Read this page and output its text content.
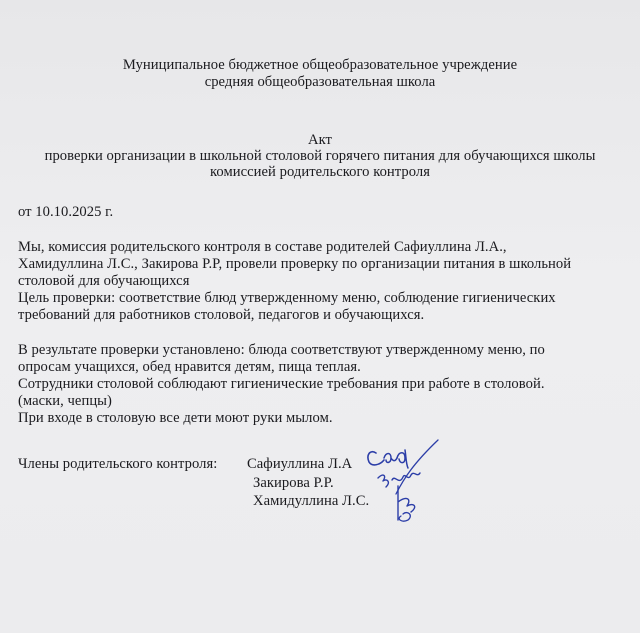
Муниципальное бюджетное общеобразовательное учреждение
средняя общеобразовательная школа
Акт
проверки организации в школьной столовой горячего питания для обучающихся школы
комиссией родительского контроля
от 10.10.2025 г.
Мы, комиссия родительского контроля в составе родителей Сафиуллина Л.А.,
Хамидуллина Л.С., Закирова Р.Р, провели проверку по организации питания в школьной
столовой для обучающихся
Цель проверки: соответствие блюд утвержденному меню, соблюдение гигиенических
требований для работников столовой, педагогов и обучающихся.
В результате проверки установлено: блюда соответствуют утвержденному меню, по
опросам учащихся, обед нравится детям, пища теплая.
Сотрудники столовой соблюдают гигиенические требования при работе в столовой.
(маски, чепцы)
При входе в столовую все дети моют руки мылом.
Члены родительского контроля: Сафиуллина Л.А
Закирова Р.Р.
Хамидуллина Л.С.
